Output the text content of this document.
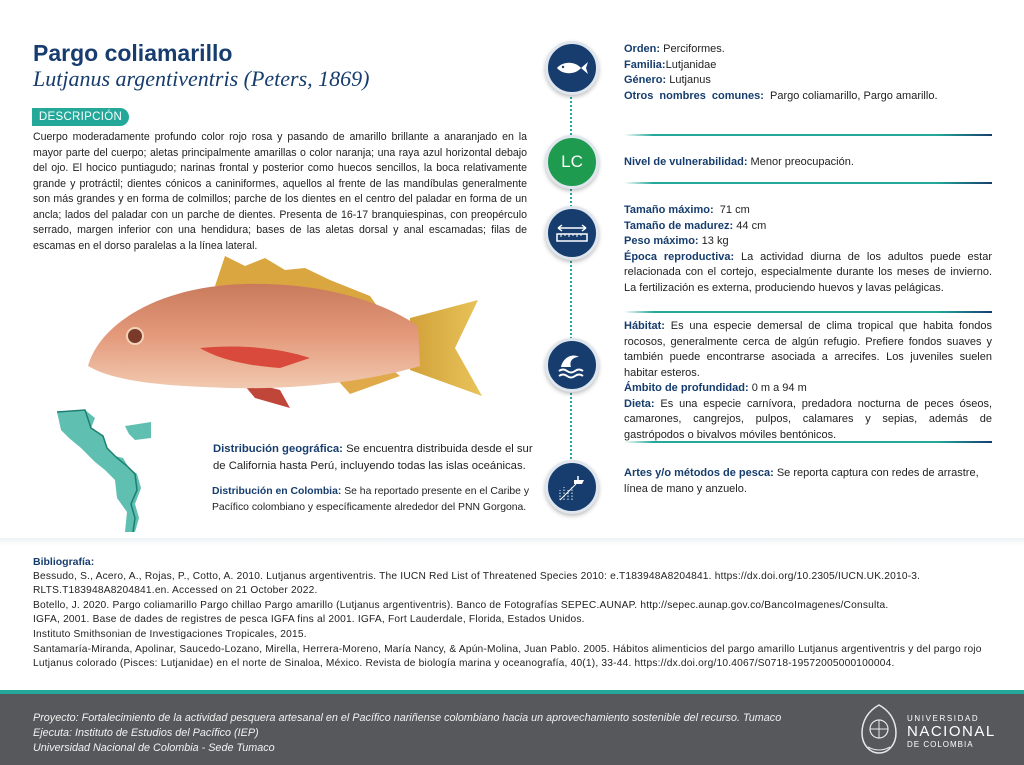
Pargo coliamarillo
Lutjanus argentiventris (Peters, 1869)
DESCRIPCIÓN
Cuerpo moderadamente profundo color rojo rosa y pasando de amarillo brillante a anaranjado en la mayor parte del cuerpo; aletas principalmente amarillas o color naranja; una raya azul horizontal debajo del ojo. El hocico puntiagudo; narinas frontal y posterior como huecos sencillos, la boca relativamente grande y protráctil; dientes cónicos a caniniformes, aquellos al frente de las mandíbulas generalmente son más grandes y en forma de colmillos; parche de los dientes en el centro del paladar en forma de un ancla; lados del paladar con un parche de dientes. Presenta de 16-17 branquiespinas, con preopérculo serrado, margen inferior con una hendidura; bases de las aletas dorsal y anal escamadas; filas de escamas en el dorso paralelas a la línea lateral.
Distribución geográfica: Se encuentra distribuida desde el sur de California hasta Perú, incluyendo todas las islas oceánicas.
Distribución en Colombia: Se ha reportado presente en el Caribe y Pacífico colombiano y específicamente alrededor del PNN Gorgona.
LC
Orden: Perciformes.
Familia:Lutjanidae
Género: Lutjanus
Otros nombres comunes: Pargo coliamarillo, Pargo amarillo.
Nivel de vulnerabilidad: Menor preocupación.
Tamaño máximo: 71 cm
Tamaño de madurez: 44 cm
Peso máximo: 13 kg
Época reproductiva: La actividad diurna de los adultos puede estar relacionada con el cortejo, especialmente durante los meses de invierno. La fertilización es externa, produciendo huevos y lavas pelágicas.
Hábitat: Es una especie demersal de clima tropical que habita fondos rocosos, generalmente cerca de algún refugio. Prefiere fondos suaves y también puede encontrarse asociada a arrecifes. Los juveniles suelen habitar esteros.
Ámbito de profundidad: 0 m a 94 m
Dieta: Es una especie carnívora, predadora nocturna de peces óseos, camarones, cangrejos, pulpos, calamares y sepias, además de gastrópodos o bivalvos móviles bentónicos.
Artes y/o métodos de pesca: Se reporta captura con redes de arrastre, línea de mano y anzuelo.
Bibliografía:
Bessudo, S., Acero, A., Rojas, P., Cotto, A. 2010. Lutjanus argentiventris. The IUCN Red List of Threatened Species 2010: e.T183948A8204841. https://dx.doi.org/10.2305/IUCN.UK.2010-3. RLTS.T183948A8204841.en. Accessed on 21 October 2022.
Botello, J. 2020. Pargo coliamarillo Pargo chillao Pargo amarillo (Lutjanus argentiventris). Banco de Fotografías SEPEC.AUNAP. http://sepec.aunap.gov.co/BancoImagenes/Consulta.
IGFA, 2001. Base de dades de registres de pesca IGFA fins al 2001. IGFA, Fort Lauderdale, Florida, Estados Unidos.
Instituto Smithsonian de Investigaciones Tropicales, 2015.
Santamaría-Miranda, Apolinar, Saucedo-Lozano, Mirella, Herrera-Moreno, María Nancy, & Apún-Molina, Juan Pablo. 2005. Hábitos alimenticios del pargo amarillo Lutjanus argentiventris y del pargo rojo Lutjanus colorado (Pisces: Lutjanidae) en el norte de Sinaloa, México. Revista de biología marina y oceanografía, 40(1), 33-44. https://dx.doi.org/10.4067/S0718-19572005000100004.
Proyecto: Fortalecimiento de la actividad pesquera artesanal en el Pacífico nariñense colombiano hacia un aprovechamiento sostenible del recurso. Tumaco
Ejecuta: Instituto de Estudios del Pacífico (IEP)
Universidad Nacional de Colombia - Sede Tumaco
UNIVERSIDAD
NACIONAL
DE COLOMBIA
